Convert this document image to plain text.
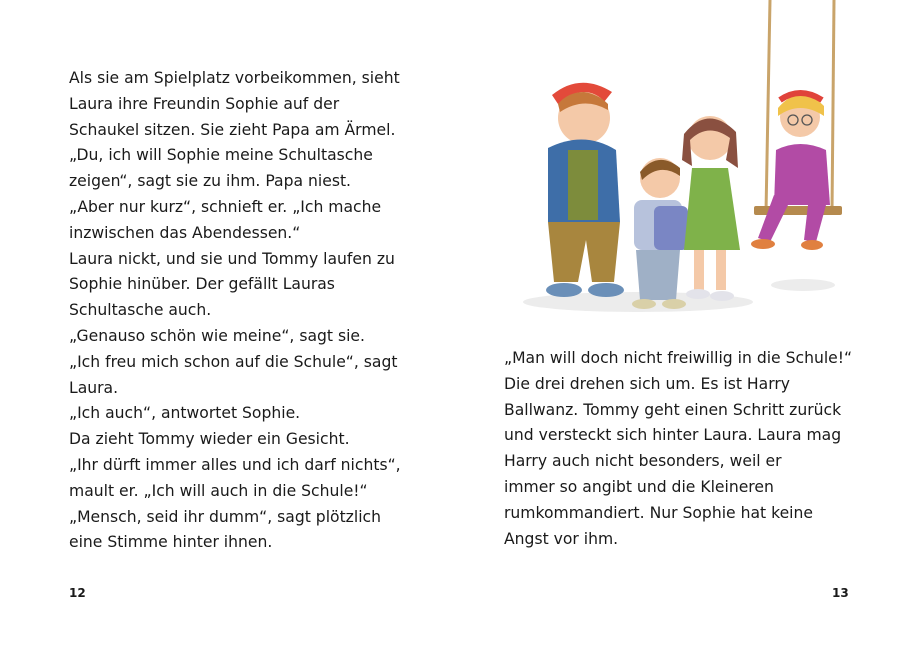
Als sie am Spielplatz vorbeikommen, sieht
Laura ihre Freundin Sophie auf der
Schaukel sitzen. Sie zieht Papa am Ärmel.
„Du, ich will Sophie meine Schultasche
zeigen“, sagt sie zu ihm. Papa niest.
„Aber nur kurz“, schnieft er. „Ich mache
inzwischen das Abendessen.“
Laura nickt, und sie und Tommy laufen zu
Sophie hinüber. Der gefällt Lauras
Schultasche auch.
„Genauso schön wie meine“, sagt sie.
„Ich freu mich schon auf die Schule“, sagt
Laura.
„Ich auch“, antwortet Sophie.
Da zieht Tommy wieder ein Gesicht.
„Ihr dürft immer alles und ich darf nichts“,
mault er. „Ich will auch in die Schule!“
„Mensch, seid ihr dumm“, sagt plötzlich
eine Stimme hinter ihnen.
12
„Man will doch nicht freiwillig in die Schule!“
Die drei drehen sich um. Es ist Harry
Ballwanz. Tommy geht einen Schritt zurück
und versteckt sich hinter Laura. Laura mag
Harry auch nicht besonders, weil er
immer so angibt und die Kleineren
rumkommandiert. Nur Sophie hat keine
Angst vor ihm.
13
